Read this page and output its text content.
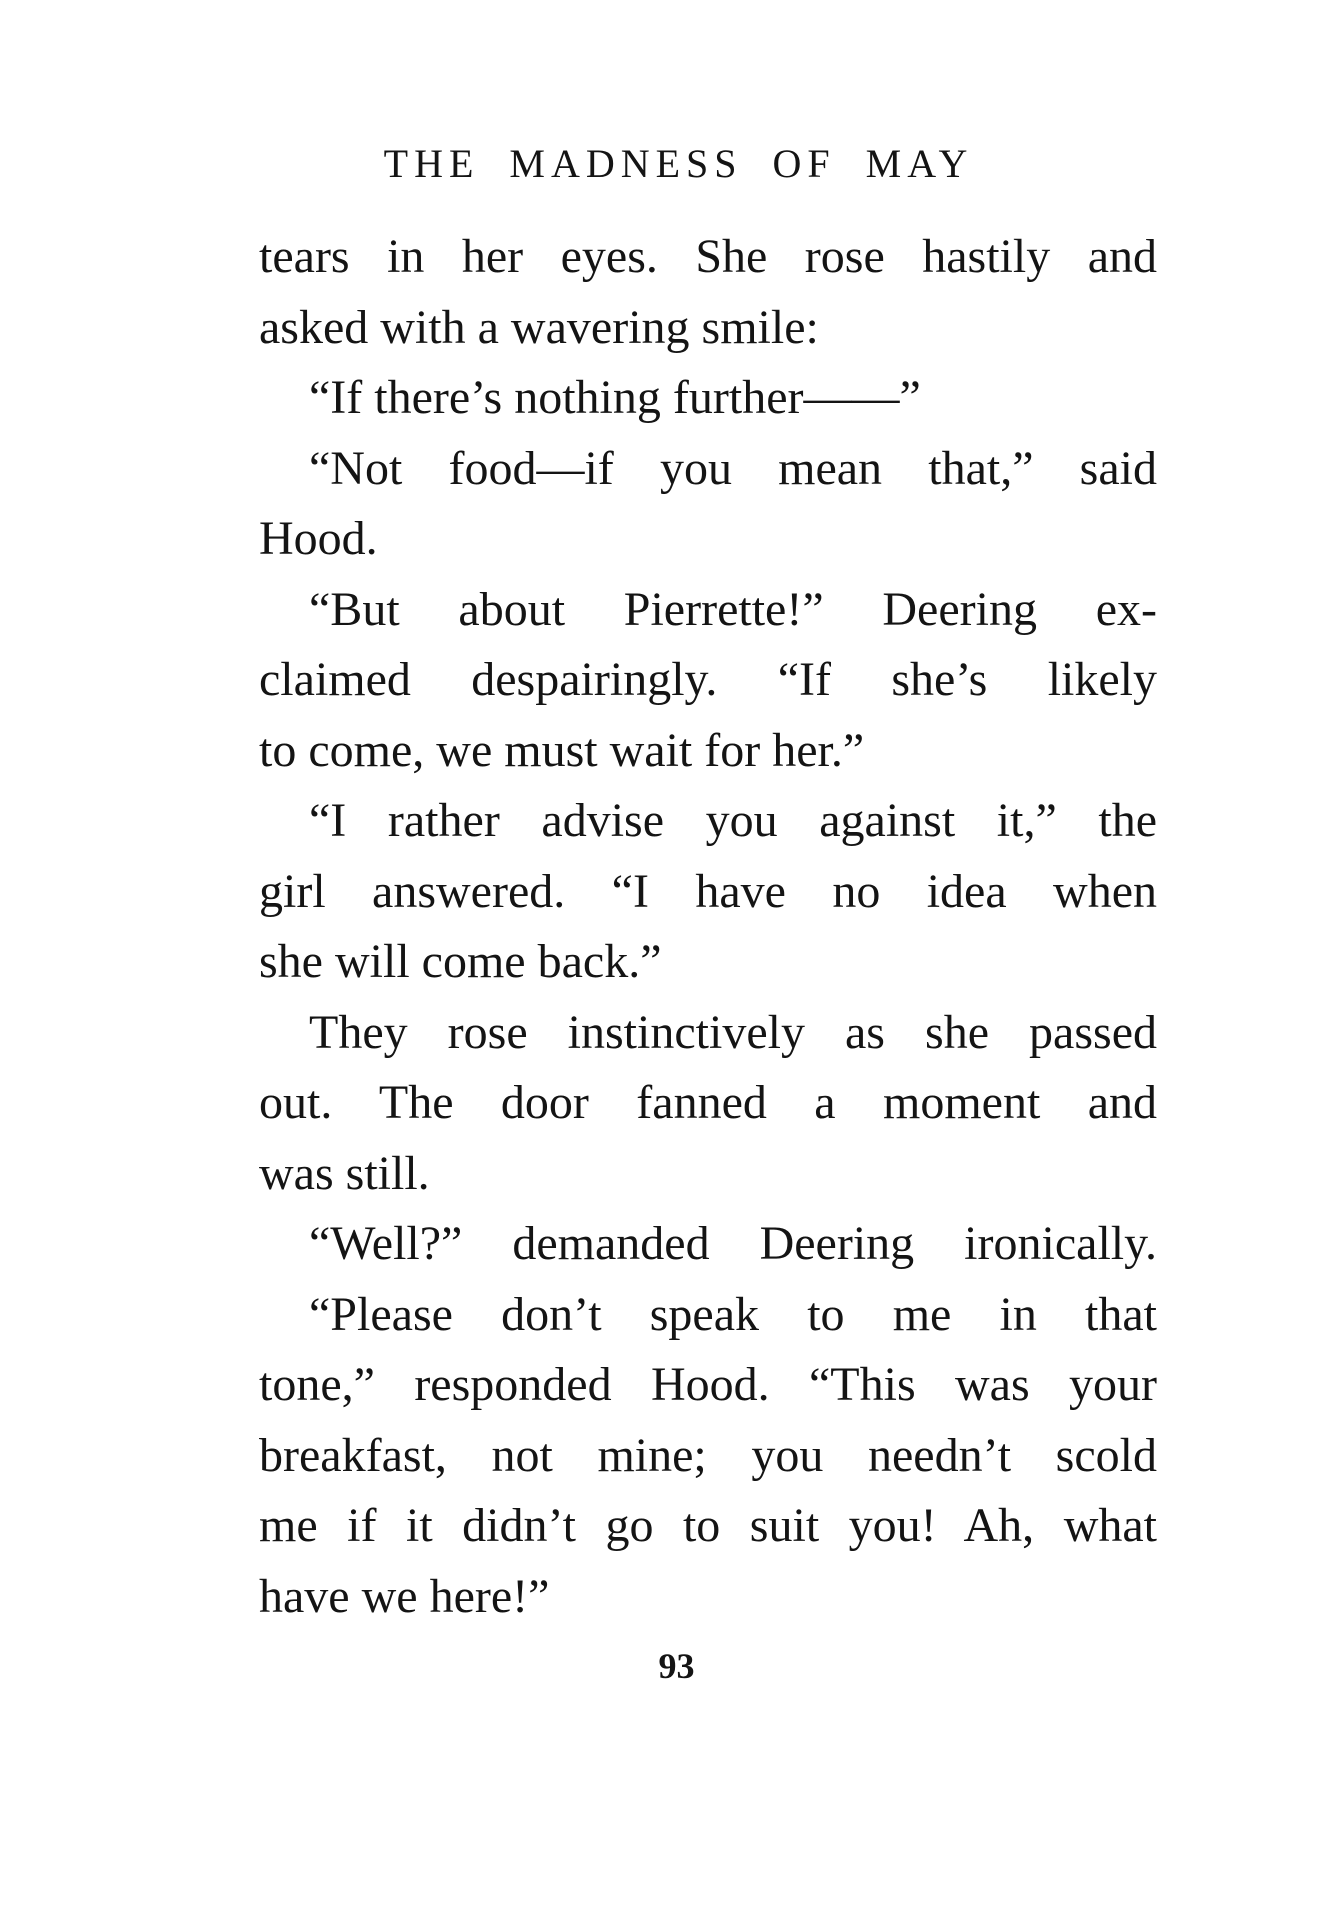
THE MADNESS OF MAY
tears in her eyes. She rose hastily and
asked with a wavering smile:
“If there’s nothing further——”
“Not food—if you mean that,” said
Hood.
“But about Pierrette!” Deering ex-
claimed despairingly. “If she’s likely
to come, we must wait for her.”
“I rather advise you against it,” the
girl answered. “I have no idea when
she will come back.”
They rose instinctively as she passed
out. The door fanned a moment and
was still.
“Well?” demanded Deering ironically.
“Please don’t speak to me in that
tone,” responded Hood. “This was your
breakfast, not mine; you needn’t scold
me if it didn’t go to suit you! Ah, what
have we here!”
93
